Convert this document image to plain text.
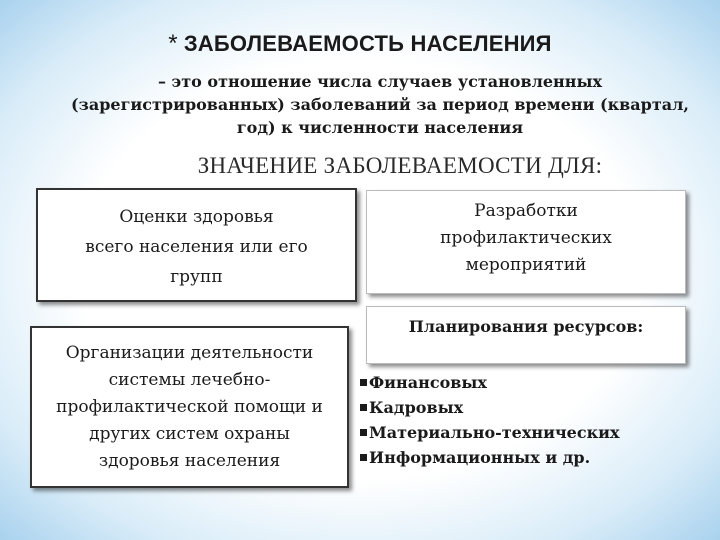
* ЗАБОЛЕВАЕМОСТЬ НАСЕЛЕНИЯ
– это отношение числа случаев установленных
(зарегистрированных) заболеваний за период времени (квартал,
год) к численности населения
ЗНАЧЕНИЕ ЗАБОЛЕВАЕМОСТИ ДЛЯ:
Оценки здоровья
всего населения или его
групп
Разработки
профилактических
мероприятий
Организации деятельности
системы лечебно-
профилактической помощи и
других систем охраны
здоровья населения
Планирования ресурсов:
Финансовых
Кадровых
Материально-технических
Информационных и др.
